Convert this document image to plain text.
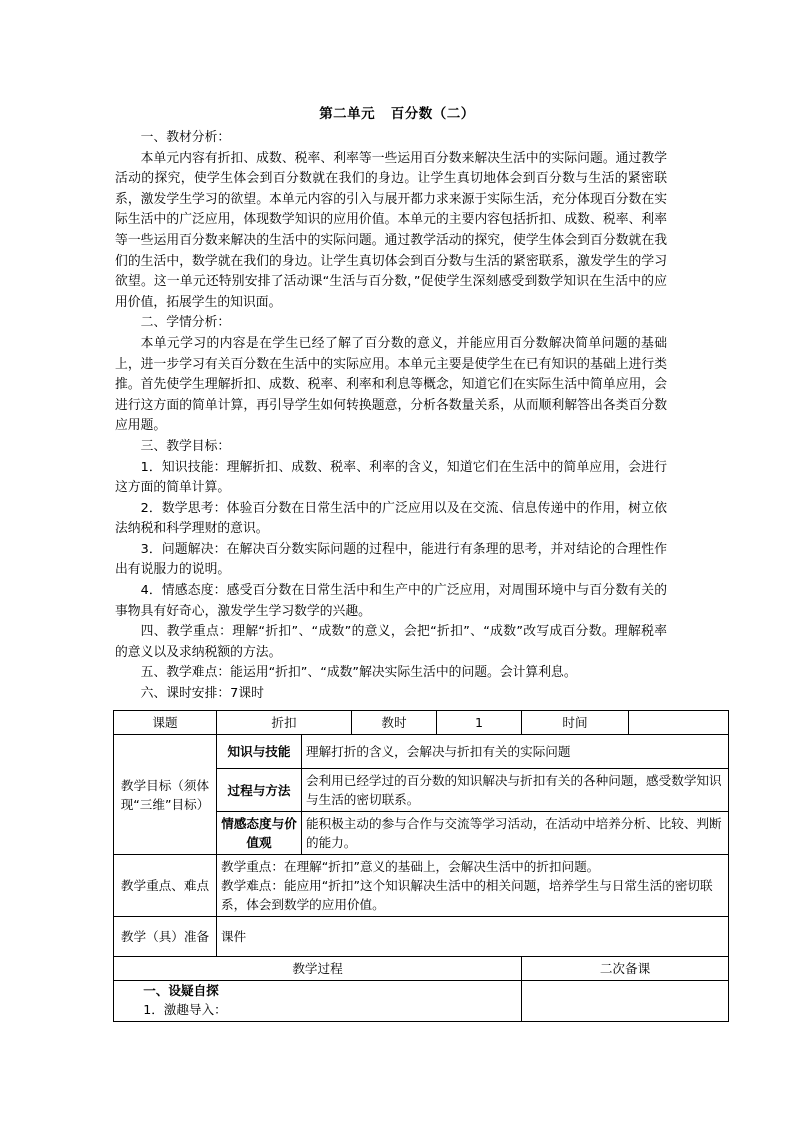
第二单元   百分数（二）

一、教材分析：

本单元内容有折扣、成数、税率、利率等一些运用百分数来解决生活中的实际问题。通过教学活动的探究，使学生体会到百分数就在我们的身边。让学生真切地体会到百分数与生活的紧密联系，激发学生学习的欲望。本单元内容的引入与展开都力求来源于实际生活，充分体现百分数在实际生活中的广泛应用，体现数学知识的应用价值。本单元的主要内容包括折扣、成数、税率、利率等一些运用百分数来解决的生活中的实际问题。通过教学活动的探究，使学生体会到百分数就在我们的生活中，数学就在我们的身边。让学生真切体会到百分数与生活的紧密联系，激发学生的学习欲望。这一单元还特别安排了活动课“生活与百分数，”促使学生深刻感受到数学知识在生活中的应用价值，拓展学生的知识面。

二、学情分析：

本单元学习的内容是在学生已经了解了百分数的意义，并能应用百分数解决简单问题的基础上，进一步学习有关百分数在生活中的实际应用。本单元主要是使学生在已有知识的基础上进行类推。首先使学生理解折扣、成数、税率、利率和利息等概念，知道它们在实际生活中简单应用，会进行这方面的简单计算，再引导学生如何转换题意，分析各数量关系，从而顺利解答出各类百分数应用题。

三、教学目标：

1．知识技能：理解折扣、成数、税率、利率的含义，知道它们在生活中的简单应用，会进行这方面的简单计算。

2．数学思考：体验百分数在日常生活中的广泛应用以及在交流、信息传递中的作用，树立依法纳税和科学理财的意识。

3．问题解决：在解决百分数实际问题的过程中，能进行有条理的思考，并对结论的合理性作出有说服力的说明。

4．情感态度：感受百分数在日常生活中和生产中的广泛应用，对周围环境中与百分数有关的事物具有好奇心，激发学生学习数学的兴趣。

四、教学重点：理解“折扣”、“成数”的意义，会把“折扣”、“成数”改写成百分数。理解税率的意义以及求纳税额的方法。

五、教学难点：能运用“折扣”、“成数”解决实际生活中的问题。会计算利息。

六、课时安排：7课时

课题	折扣		教时	1	时间	
教学目标（须体现“三维”目标）	知识与技能	理解打折的含义，会解决与折扣有关的实际问题				
	过程与方法	会利用已经学过的百分数的知识解决与折扣有关的各种问题，感受数学知识与生活的密切联系。				
	情感态度与价值观	能积极主动的参与合作与交流等学习活动，在活动中培养分析、比较、判断的能力。				
教学重点、难点	教学重点：在理解“折扣”意义的基础上，会解决生活中的折扣问题。
教学难点：能应用“折扣”这个知识解决生活中的相关问题，培养学生与日常生活的密切联系，体会到数学的应用价值。					

教学（具）准备	课件					
教学过程					二次备课	

一、设疑自探
1．激趣导入：						
